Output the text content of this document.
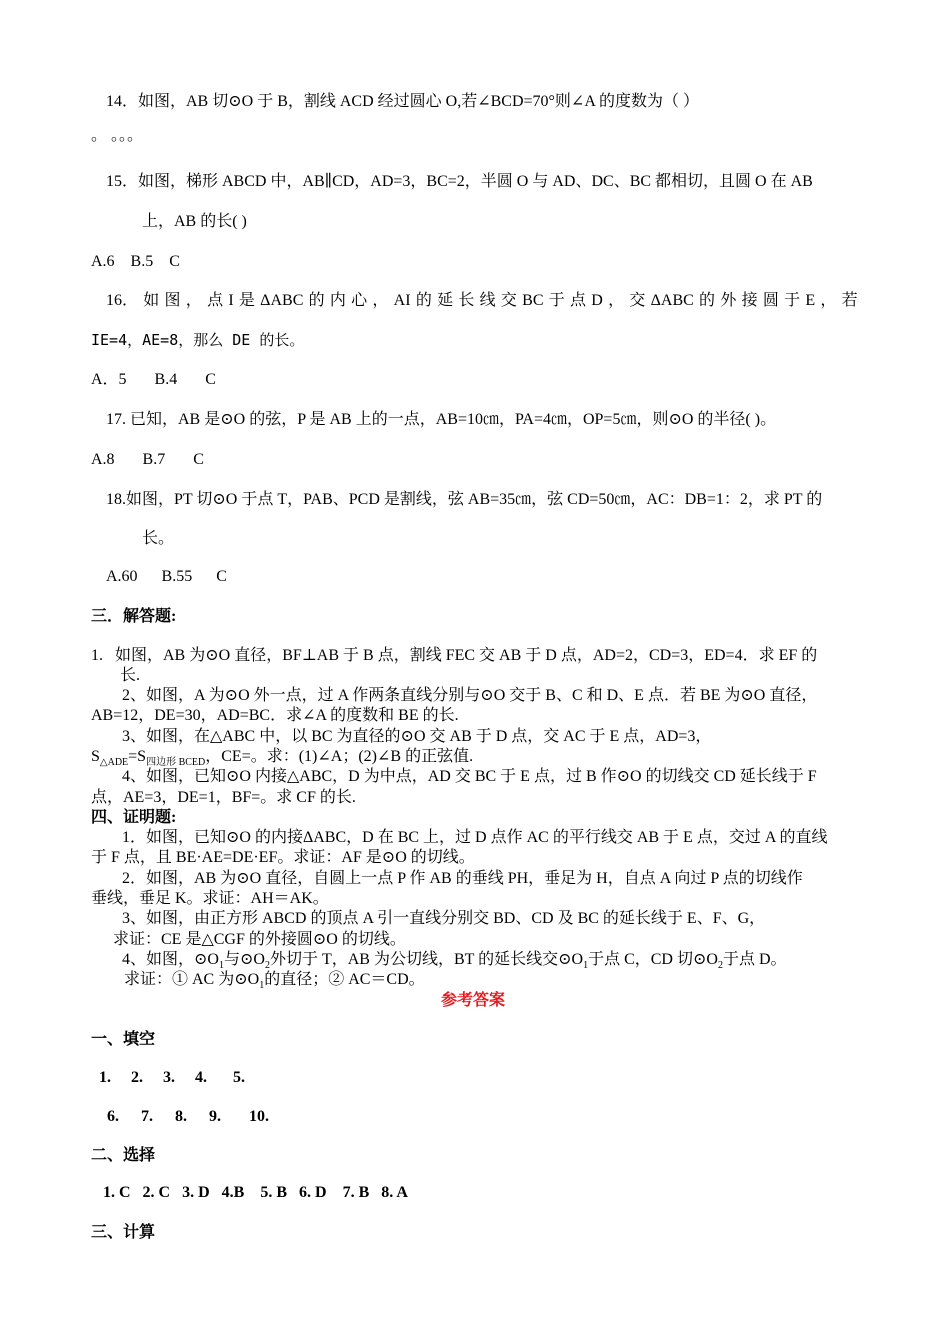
14．如图，AB 切⊙O 于 B，割线 ACD 经过圆心 O,若∠BCD=70°则∠A 的度数为（ ）
。 。。。
15．如图，梯形 ABCD 中，AB∥CD，AD=3，BC=2，半圆 O 与 AD、DC、BC 都相切，且圆 O 在 AB
上，AB 的长( )
A.6    B.5    C
16． 如 图 ， 点 I 是 ΔABC 的 内 心 ， AI 的 延 长 线 交 BC 于 点 D ， 交 ΔABC 的 外 接 圆 于 E ， 若
IE=4，AE=8，那么 DE 的长。
A．5       B.4       C
17. 已知，AB 是⊙O 的弦，P 是 AB 上的一点，AB=10㎝，PA=4㎝，OP=5㎝，则⊙O 的半径( )。
A.8       B.7       C
18.如图，PT 切⊙O 于点 T，PAB、PCD 是割线，弦 AB=35㎝，弦 CD=50㎝，AC：DB=1：2，求 PT 的
长。
A.60      B.55      C
三．解答题:
1.   如图，AB 为⊙O 直径，BF⊥AB 于 B 点，割线 FEC 交 AB 于 D 点，AD=2，CD=3，ED=4．求 EF 的
长.
2、如图，A 为⊙O 外一点，过 A 作两条直线分别与⊙O 交于 B、C 和 D、E 点．若 BE 为⊙O 直径，
AB=12，DE=30，AD=BC．求∠A 的度数和 BE 的长.
3、如图，在△ABC 中，以 BC 为直径的⊙O 交 AB 于 D 点，交 AC 于 E 点，AD=3，
$S_{\triangle ADE}=S_{四边形 BCED}$，CE=。求：(1)∠A；(2)∠B 的正弦值.
4、如图，已知⊙O 内接△ABC，D 为中点，AD 交 BC 于 E 点，过 B 作⊙O 的切线交 CD 延长线于 F
点，AE=3，DE=1，BF=。求 CF 的长.
四、证明题:
1．如图，已知⊙O 的内接ΔABC，D 在 BC 上，过 D 点作 AC 的平行线交 AB 于 E 点，交过 A 的直线
于 F 点，且 BE·AE=DE·EF。求证：AF 是⊙O 的切线。
2．如图，AB 为⊙O 直径，自圆上一点 P 作 AB 的垂线 PH，垂足为 H，自点 A 向过 P 点的切线作
垂线，垂足 K。求证：AH＝AK。
3、如图，由正方形 ABCD 的顶点 A 引一直线分别交 BD、CD 及 BC 的延长线于 E、F、G，
求证：CE 是△CGF 的外接圆⊙O 的切线。
4、如图，$⊙O_1$与$⊙O_2$外切于 T，AB 为公切线，BT 的延长线交$⊙O_1$于点 C，CD 切$⊙O_2$于点 D。
求证：① AC 为$⊙O_1$的直径；② AC＝CD。
参考答案
一、填空
1. 2. 3. 4. 5.
6. 7. 8. 9. 10.
二、选择
1. C   2. C   3. D   4.B    5. B   6. D    7. B   8. A
三、计算
